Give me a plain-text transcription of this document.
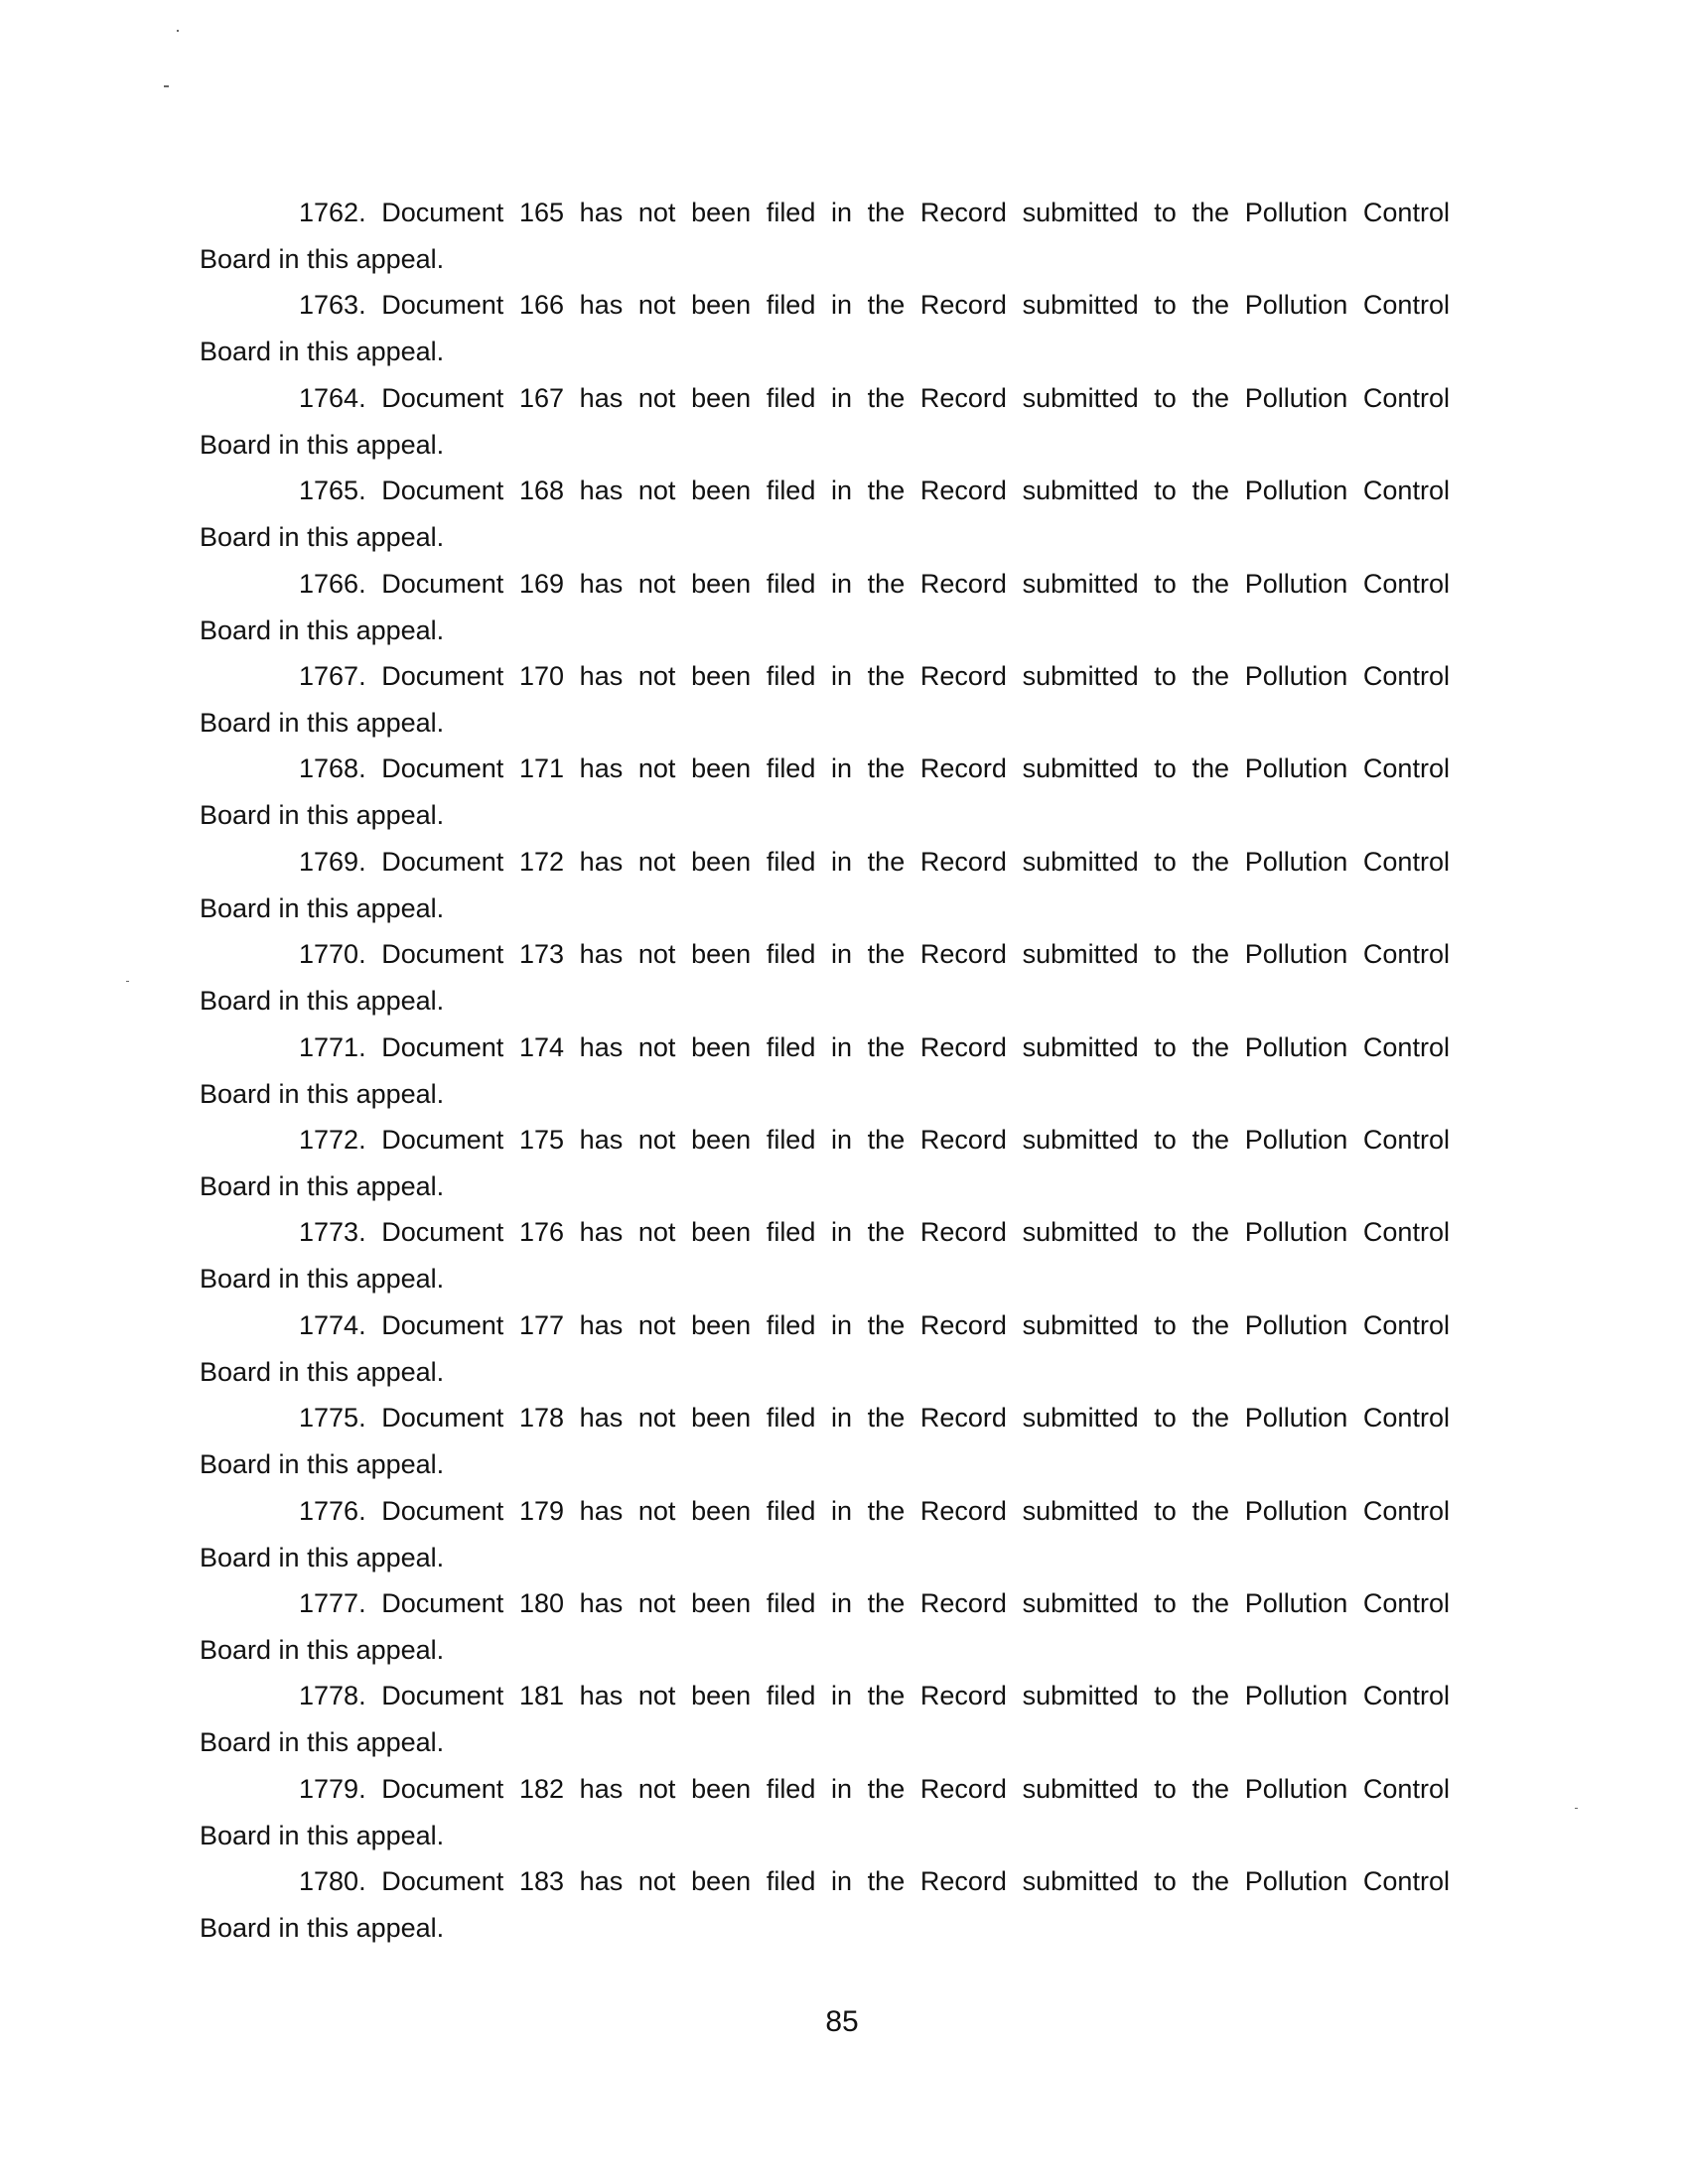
1762. Document 165 has not been filed in the Record submitted to the Pollution Control
Board in this appeal.
1763. Document 166 has not been filed in the Record submitted to the Pollution Control
Board in this appeal.
1764. Document 167 has not been filed in the Record submitted to the Pollution Control
Board in this appeal.
1765. Document 168 has not been filed in the Record submitted to the Pollution Control
Board in this appeal.
1766. Document 169 has not been filed in the Record submitted to the Pollution Control
Board in this appeal.
1767. Document 170 has not been filed in the Record submitted to the Pollution Control
Board in this appeal.
1768. Document 171 has not been filed in the Record submitted to the Pollution Control
Board in this appeal.
1769. Document 172 has not been filed in the Record submitted to the Pollution Control
Board in this appeal.
1770. Document 173 has not been filed in the Record submitted to the Pollution Control
Board in this appeal.
1771. Document 174 has not been filed in the Record submitted to the Pollution Control
Board in this appeal.
1772. Document 175 has not been filed in the Record submitted to the Pollution Control
Board in this appeal.
1773. Document 176 has not been filed in the Record submitted to the Pollution Control
Board in this appeal.
1774. Document 177 has not been filed in the Record submitted to the Pollution Control
Board in this appeal.
1775. Document 178 has not been filed in the Record submitted to the Pollution Control
Board in this appeal.
1776. Document 179 has not been filed in the Record submitted to the Pollution Control
Board in this appeal.
1777. Document 180 has not been filed in the Record submitted to the Pollution Control
Board in this appeal.
1778. Document 181 has not been filed in the Record submitted to the Pollution Control
Board in this appeal.
1779. Document 182 has not been filed in the Record submitted to the Pollution Control
Board in this appeal.
1780. Document 183 has not been filed in the Record submitted to the Pollution Control
Board in this appeal.
85
